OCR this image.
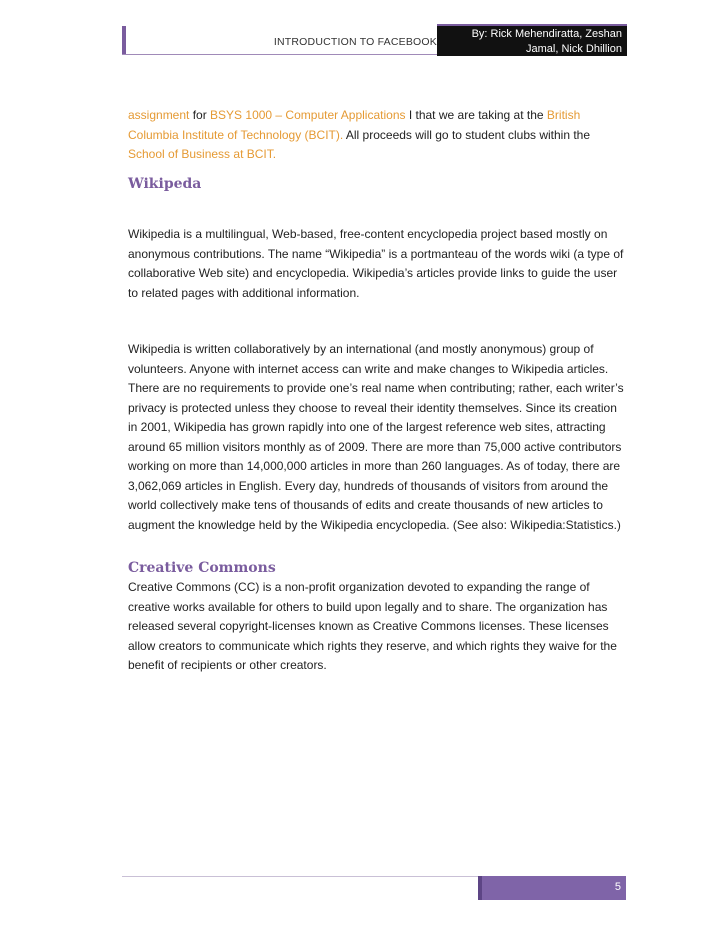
INTRODUCTION TO FACEBOOK
By: Rick Mehendiratta, Zeshan
Jamal, Nick Dhillion
assignment for BSYS 1000 – Computer Applications I that we are taking at the British Columbia Institute of Technology (BCIT). All proceeds will go to student clubs within the School of Business at BCIT.
Wikipeda
Wikipedia is a multilingual, Web-based, free-content encyclopedia project based mostly on anonymous contributions. The name “Wikipedia” is a portmanteau of the words wiki (a type of collaborative Web site) and encyclopedia. Wikipedia’s articles provide links to guide the user to related pages with additional information.
Wikipedia is written collaboratively by an international (and mostly anonymous) group of volunteers. Anyone with internet access can write and make changes to Wikipedia articles. There are no requirements to provide one’s real name when contributing; rather, each writer’s privacy is protected unless they choose to reveal their identity themselves. Since its creation in 2001, Wikipedia has grown rapidly into one of the largest reference web sites, attracting around 65 million visitors monthly as of 2009. There are more than 75,000 active contributors working on more than 14,000,000 articles in more than 260 languages. As of today, there are 3,062,069 articles in English. Every day, hundreds of thousands of visitors from around the world collectively make tens of thousands of edits and create thousands of new articles to augment the knowledge held by the Wikipedia encyclopedia. (See also: Wikipedia:Statistics.)
Creative Commons
Creative Commons (CC) is a non-profit organization devoted to expanding the range of creative works available for others to build upon legally and to share. The organization has released several copyright-licenses known as Creative Commons licenses. These licenses allow creators to communicate which rights they reserve, and which rights they waive for the benefit of recipients or other creators.
5
